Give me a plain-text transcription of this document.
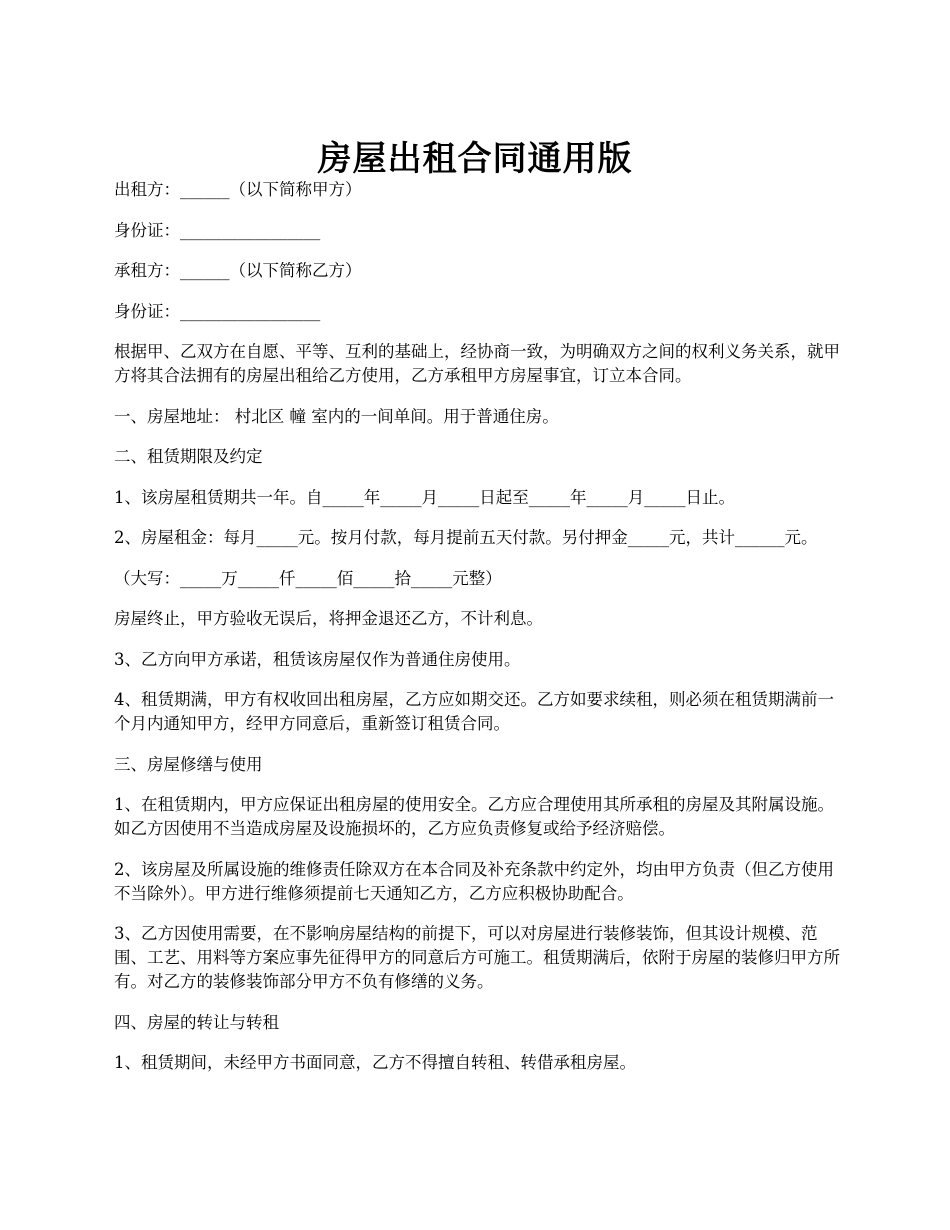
房屋出租合同通用版

出租方：______（以下简称甲方）

身份证：_________________

承租方：______（以下简称乙方）

身份证：_________________

根据甲、乙双方在自愿、平等、互利的基础上，经协商一致，为明确双方之间的权利义务关系，就甲方将其合法拥有的房屋出租给乙方使用，乙方承租甲方房屋事宜，订立本合同。

一、房屋地址： 村北区 幢 室内的一间单间。用于普通住房。

二、租赁期限及约定

1、该房屋租赁期共一年。自_____年_____月_____日起至_____年_____月_____日止。

2、房屋租金：每月_____元。按月付款，每月提前五天付款。另付押金_____元，共计______元。

（大写：_____万_____仟_____佰_____拾_____元整）

房屋终止，甲方验收无误后，将押金退还乙方，不计利息。

3、乙方向甲方承诺，租赁该房屋仅作为普通住房使用。

4、租赁期满，甲方有权收回出租房屋，乙方应如期交还。乙方如要求续租，则必须在租赁期满前一个月内通知甲方，经甲方同意后，重新签订租赁合同。

三、房屋修缮与使用

1、在租赁期内，甲方应保证出租房屋的使用安全。乙方应合理使用其所承租的房屋及其附属设施。如乙方因使用不当造成房屋及设施损坏的，乙方应负责修复或给予经济赔偿。

2、该房屋及所属设施的维修责任除双方在本合同及补充条款中约定外，均由甲方负责（但乙方使用不当除外）。甲方进行维修须提前七天通知乙方，乙方应积极协助配合。

3、乙方因使用需要，在不影响房屋结构的前提下，可以对房屋进行装修装饰，但其设计规模、范围、工艺、用料等方案应事先征得甲方的同意后方可施工。租赁期满后，依附于房屋的装修归甲方所有。对乙方的装修装饰部分甲方不负有修缮的义务。

四、房屋的转让与转租

1、租赁期间，未经甲方书面同意，乙方不得擅自转租、转借承租房屋。
